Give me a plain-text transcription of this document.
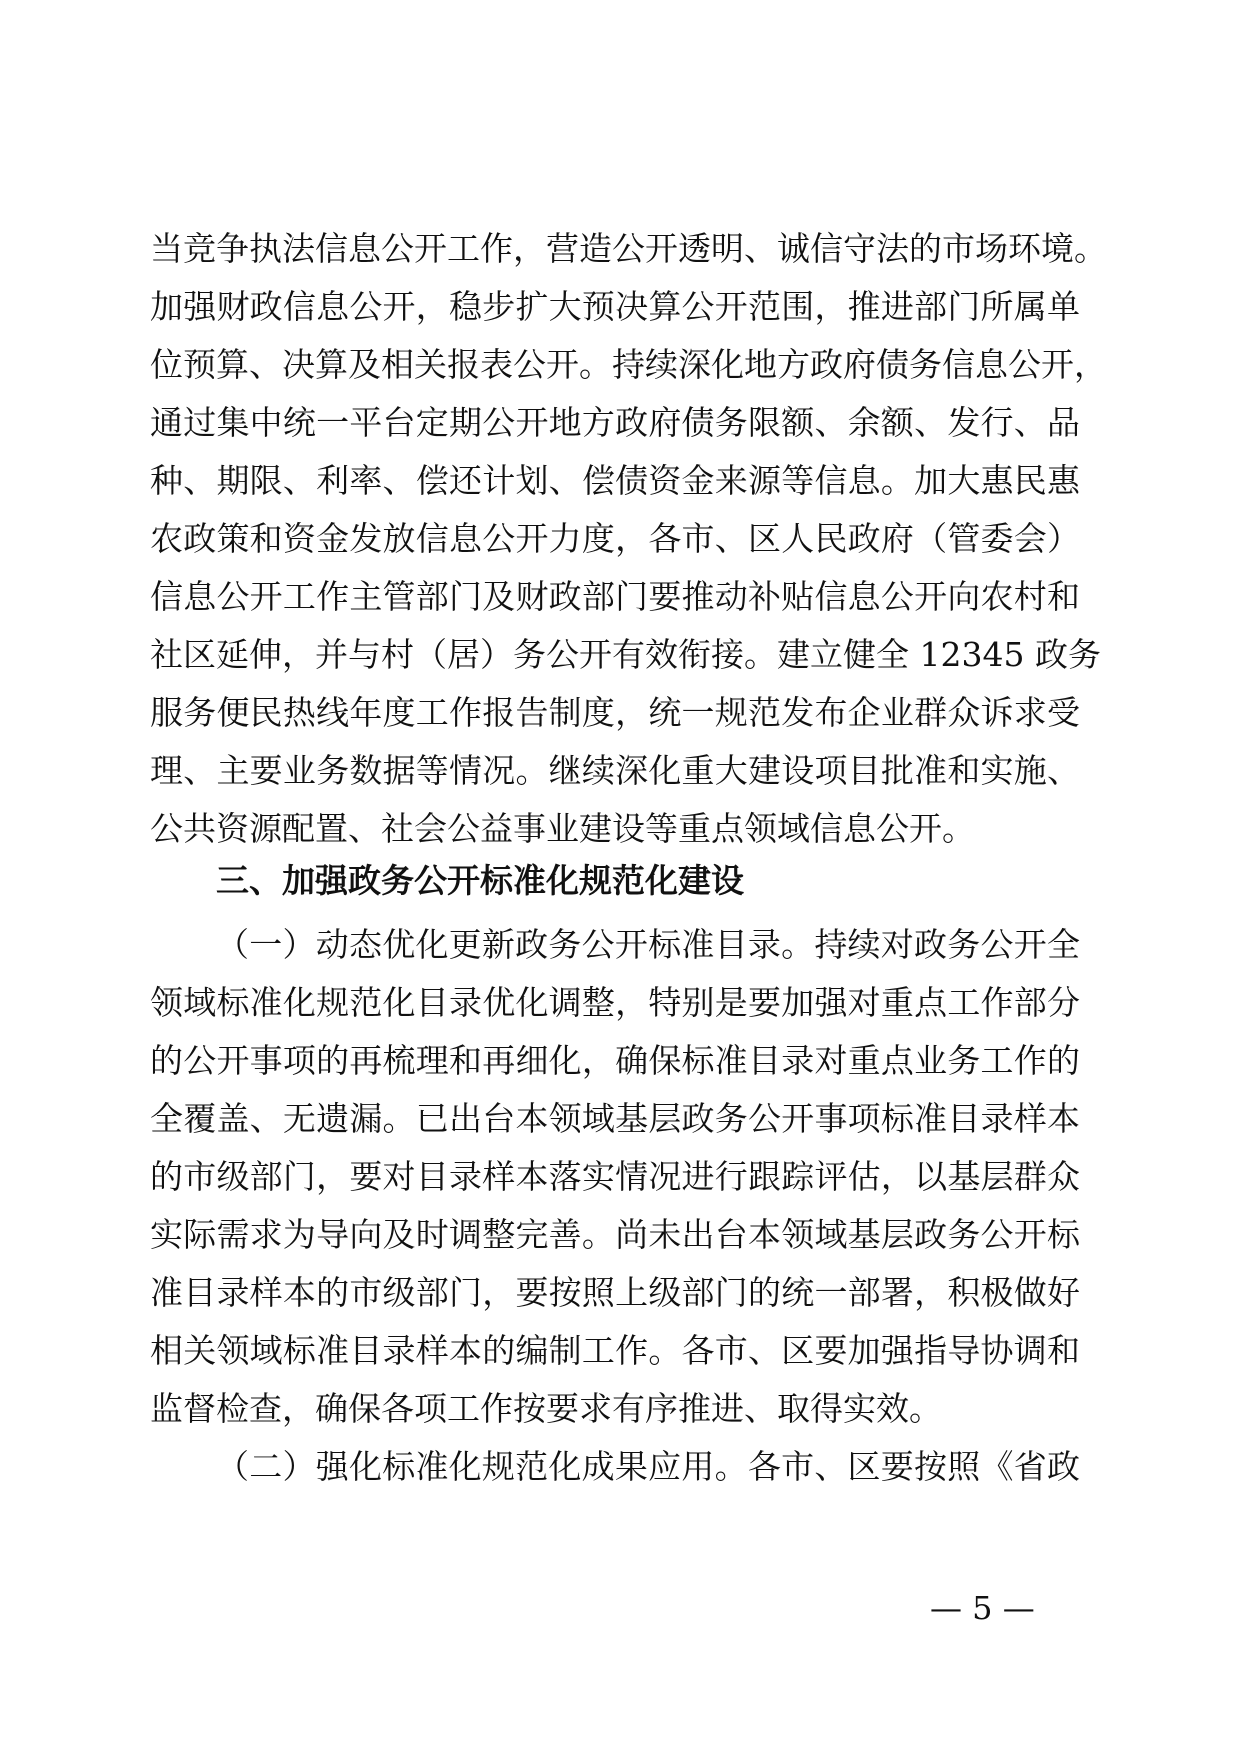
当竞争执法信息公开工作，营造公开透明、诚信守法的市场环境。

加强财政信息公开，稳步扩大预决算公开范围，推进部门所属单

位预算、决算及相关报表公开。持续深化地方政府债务信息公开，

通过集中统一平台定期公开地方政府债务限额、余额、发行、品

种、期限、利率、偿还计划、偿债资金来源等信息。加大惠民惠

农政策和资金发放信息公开力度，各市、区人民政府（管委会）

信息公开工作主管部门及财政部门要推动补贴信息公开向农村和

社区延伸，并与村（居）务公开有效衔接。建立健全 12345 政务

服务便民热线年度工作报告制度，统一规范发布企业群众诉求受

理、主要业务数据等情况。继续深化重大建设项目批准和实施、

公共资源配置、社会公益事业建设等重点领域信息公开。

三、加强政务公开标准化规范化建设

（一）动态优化更新政务公开标准目录。持续对政务公开全

领域标准化规范化目录优化调整，特别是要加强对重点工作部分

的公开事项的再梳理和再细化，确保标准目录对重点业务工作的

全覆盖、无遗漏。已出台本领域基层政务公开事项标准目录样本

的市级部门，要对目录样本落实情况进行跟踪评估，以基层群众

实际需求为导向及时调整完善。尚未出台本领域基层政务公开标

准目录样本的市级部门，要按照上级部门的统一部署，积极做好

相关领域标准目录样本的编制工作。各市、区要加强指导协调和

监督检查，确保各项工作按要求有序推进、取得实效。

（二）强化标准化规范化成果应用。各市、区要按照《省政

— 5 —
